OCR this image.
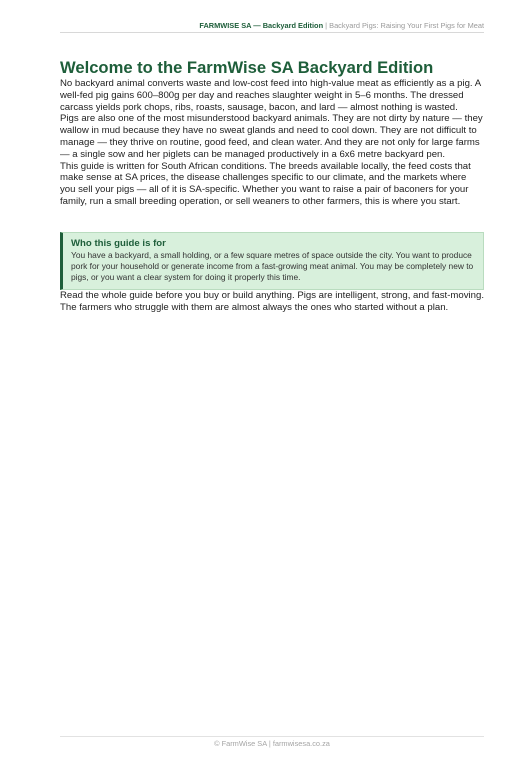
FARMWISE SA — Backyard Edition | Backyard Pigs: Raising Your First Pigs for Meat
Welcome to the FarmWise SA Backyard Edition

No backyard animal converts waste and low-cost feed into high-value meat as efficiently as a pig. A well-fed pig gains 600–800g per day and reaches slaughter weight in 5–6 months. The dressed carcass yields pork chops, ribs, roasts, sausage, bacon, and lard — almost nothing is wasted.

Pigs are also one of the most misunderstood backyard animals. They are not dirty by nature — they wallow in mud because they have no sweat glands and need to cool down. They are not difficult to manage — they thrive on routine, good feed, and clean water. And they are not only for large farms — a single sow and her piglets can be managed productively in a 6x6 metre backyard pen.

This guide is written for South African conditions. The breeds available locally, the feed costs that make sense at SA prices, the disease challenges specific to our climate, and the markets where you sell your pigs — all of it is SA-specific. Whether you want to raise a pair of baconers for your family, run a small breeding operation, or sell weaners to other farmers, this is where you start.

Who this guide is for
You have a backyard, a small holding, or a few square metres of space outside the city. You want to produce pork for your household or generate income from a fast-growing meat animal. You may be completely new to pigs, or you want a clear system for doing it properly this time.

Read the whole guide before you buy or build anything. Pigs are intelligent, strong, and fast-moving. The farmers who struggle with them are almost always the ones who started without a plan.

© FarmWise SA | farmwisesa.co.za
